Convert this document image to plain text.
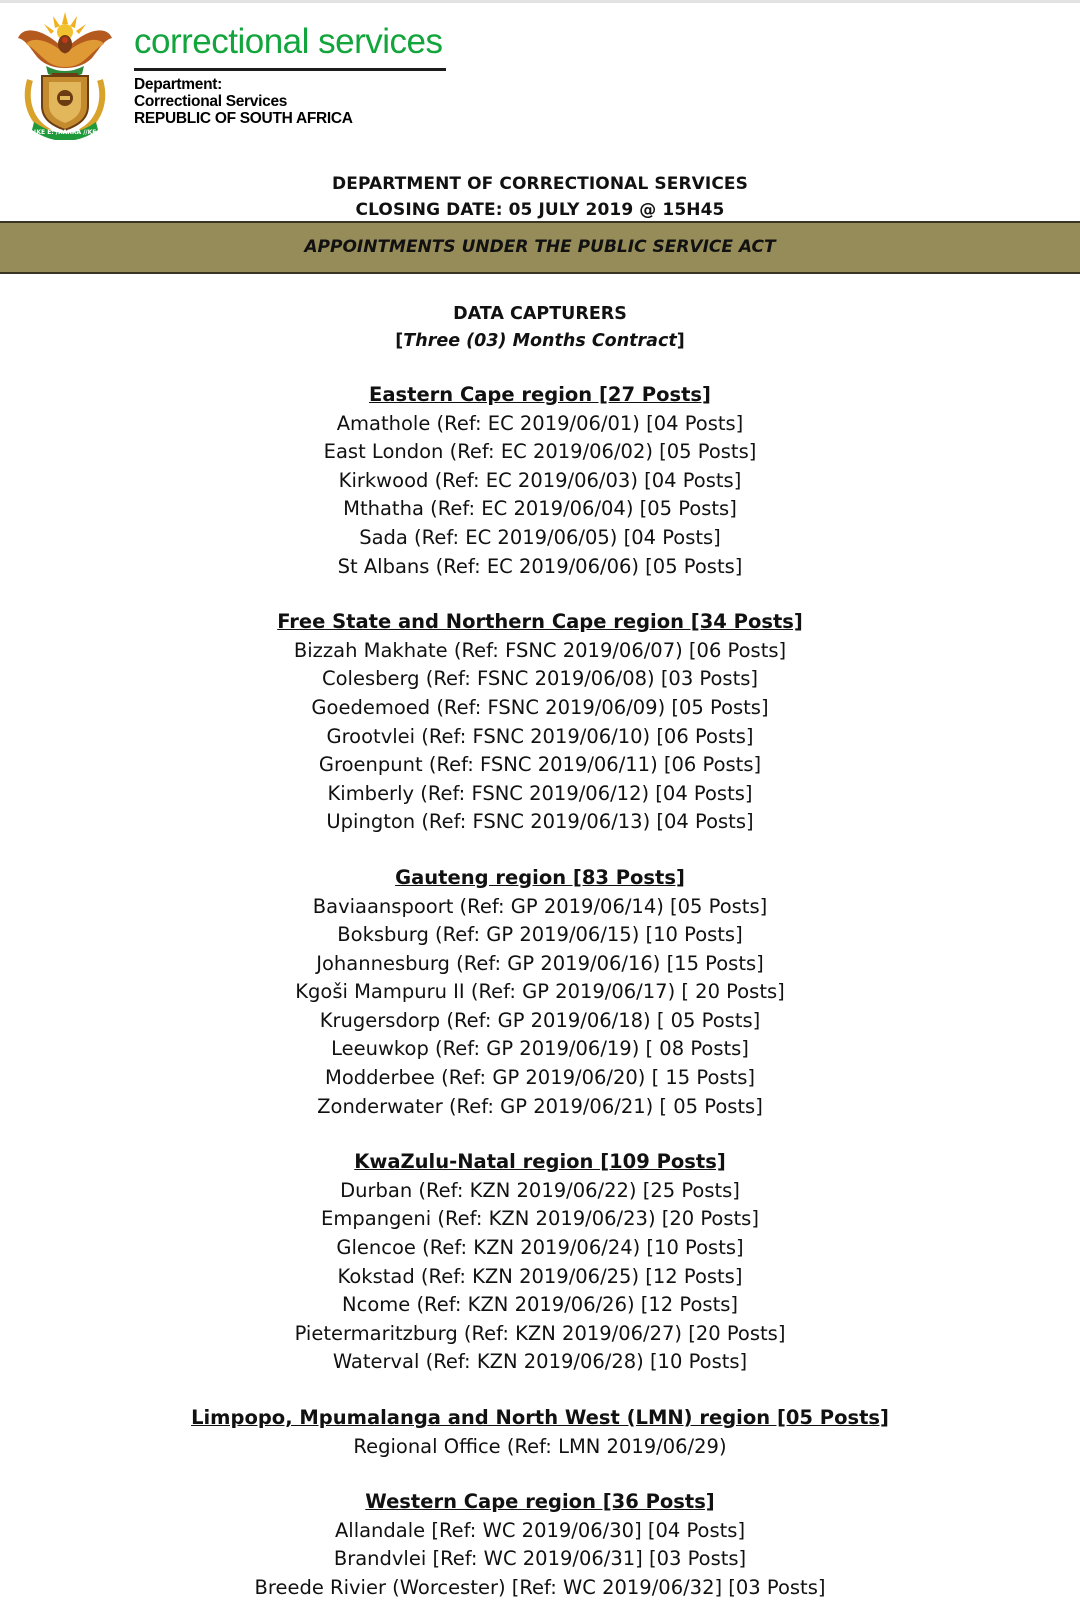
!KE E: /XARRA //KE
correctional services
Department:
Correctional Services
REPUBLIC OF SOUTH AFRICA
DEPARTMENT OF CORRECTIONAL SERVICES
CLOSING DATE: 05 JULY 2019 @ 15H45
APPOINTMENTS UNDER THE PUBLIC SERVICE ACT
DATA CAPTURERS
[Three (03) Months Contract]
Eastern Cape region [27 Posts]
Amathole (Ref: EC 2019/06/01) [04 Posts]
East London (Ref: EC 2019/06/02) [05 Posts]
Kirkwood (Ref: EC 2019/06/03) [04 Posts]
Mthatha (Ref: EC 2019/06/04) [05 Posts]
Sada (Ref: EC 2019/06/05) [04 Posts]
St Albans (Ref: EC 2019/06/06) [05 Posts]
Free State and Northern Cape region [34 Posts]
Bizzah Makhate (Ref: FSNC 2019/06/07) [06 Posts]
Colesberg (Ref: FSNC 2019/06/08) [03 Posts]
Goedemoed (Ref: FSNC 2019/06/09) [05 Posts]
Grootvlei (Ref: FSNC 2019/06/10) [06 Posts]
Groenpunt (Ref: FSNC 2019/06/11) [06 Posts]
Kimberly (Ref: FSNC 2019/06/12) [04 Posts]
Upington (Ref: FSNC 2019/06/13) [04 Posts]
Gauteng region [83 Posts]
Baviaanspoort (Ref: GP 2019/06/14) [05 Posts]
Boksburg (Ref: GP 2019/06/15) [10 Posts]
Johannesburg (Ref: GP 2019/06/16) [15 Posts]
Kgoši Mampuru II (Ref: GP 2019/06/17) [ 20 Posts]
Krugersdorp (Ref: GP 2019/06/18) [ 05 Posts]
Leeuwkop (Ref: GP 2019/06/19) [ 08 Posts]
Modderbee (Ref: GP 2019/06/20) [ 15 Posts]
Zonderwater (Ref: GP 2019/06/21) [ 05 Posts]
KwaZulu-Natal region [109 Posts]
Durban (Ref: KZN 2019/06/22) [25 Posts]
Empangeni (Ref: KZN 2019/06/23) [20 Posts]
Glencoe (Ref: KZN 2019/06/24) [10 Posts]
Kokstad (Ref: KZN 2019/06/25) [12 Posts]
Ncome (Ref: KZN 2019/06/26) [12 Posts]
Pietermaritzburg (Ref: KZN 2019/06/27) [20 Posts]
Waterval (Ref: KZN 2019/06/28) [10 Posts]
Limpopo, Mpumalanga and North West (LMN) region [05 Posts]
Regional Office (Ref: LMN 2019/06/29)
Western Cape region [36 Posts]
Allandale [Ref: WC 2019/06/30] [04 Posts]
Brandvlei [Ref: WC 2019/06/31] [03 Posts]
Breede Rivier (Worcester) [Ref: WC 2019/06/32] [03 Posts]
